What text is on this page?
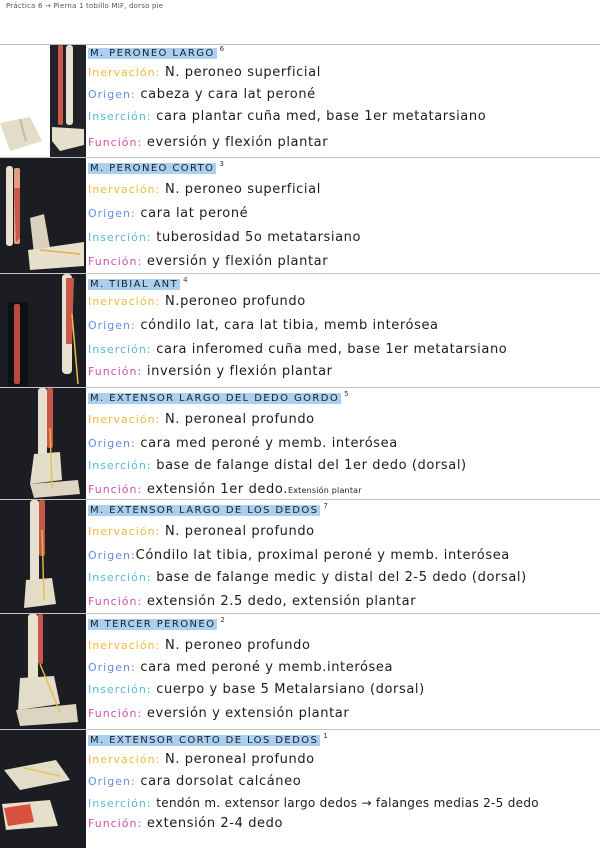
Práctica 6 → Pierna 1 tobillo MIF, dorso pie
M. PERONEO LARGO $^6$
Inervación: N. peroneo superficial
Origen: cabeza y cara lat peroné
Inserción: cara plantar cuña med, base 1er metatarsiano
Función: eversión y flexión plantar
M. PERONEO CORTO $^3$
Inervación: N. peroneo superficial
Origen: cara lat peroné
Inserción: tuberosidad 5o metatarsiano
Función: eversión y flexión plantar
M. TIBIAL ANT $^4$
Inervación: N.peroneo profundo
Origen: cóndilo lat, cara lat tibia, memb interósea
Inserción: cara inferomed cuña med, base 1er metatarsiano
Función: inversión y flexión plantar
M. EXTENSOR LARGO DEL DEDO GORDO $^5$
Inervación: N. peroneal profundo
Origen: cara med peroné y memb. interósea
Inserción: base de falange distal del 1er dedo (dorsal)
Función: extensión 1er dedo.Extensión plantar
M. EXTENSOR LARGO DE LOS DEDOS $^7$
Inervación: N. peroneal profundo
Origen:Cóndilo lat tibia, proximal peroné y memb. interósea
Inserción: base de falange medic y distal del 2-5 dedo (dorsal)
Función: extensión 2.5 dedo, extensión plantar
M TERCER PERONEO $^2$
Inervación: N. peroneo profundo
Origen: cara med peroné y memb.interósea
Inserción: cuerpo y base 5 Metalarsiano (dorsal)
Función: eversión y extensión plantar
M. EXTENSOR CORTO DE LOS DEDOS $^1$
Inervación: N. peroneal profundo
Origen: cara dorsolat calcáneo
Inserción: tendón m. extensor largo dedos → falanges medias 2-5 dedo
Función: extensión 2-4 dedo
